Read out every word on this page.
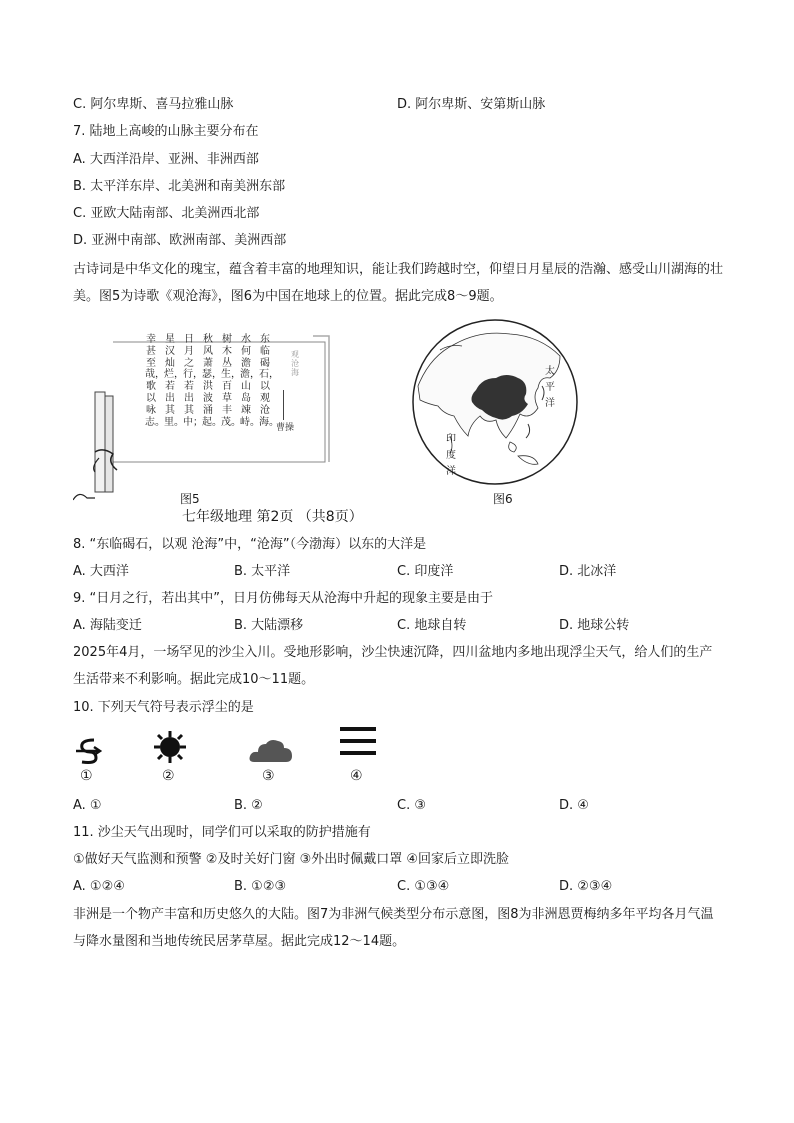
C. 阿尔卑斯、喜马拉雅山脉	D. 阿尔卑斯、安第斯山脉
7. 陆地上高峻的山脉主要分布在
A. 大西洋沿岸、亚洲、非洲西部
B. 太平洋东岸、北美洲和南美洲东部
C. 亚欧大陆南部、北美洲西北部
D. 亚洲中南部、欧洲南部、美洲西部
古诗词是中华文化的瑰宝，蕴含着丰富的地理知识，能让我们跨越时空，仰望日月星辰的浩瀚、感受山川湖海的壮美。图5为诗歌《观沧海》，图6为中国在地球上的位置。据此完成8～9题。
观沧海
曹操
东临碣石，以观沧海。
水何澹澹，山岛竦峙。
树木丛生，百草丰茂。
秋风萧瑟，洪波涌起。
日月之行，若出其中；
星汉灿烂，若出其里。
幸甚至哉，歌以咏志。
图5
太平洋
印度洋
图6
七年级地理 第2页 （共8页）
8. “东临碣石，以观 沧海”中，“沧海”（今渤海）以东的大洋是
A. 大西洋	B. 太平洋	C. 印度洋	D. 北冰洋
9. “日月之行，若出其中”，日月仿佛每天从沧海中升起的现象主要是由于
A. 海陆变迁	B. 大陆漂移	C. 地球自转	D. 地球公转
2025年4月，一场罕见的沙尘入川。受地形影响，沙尘快速沉降，四川盆地内多地出现浮尘天气，给人们的生产生活带来不利影响。据此完成10～11题。
10. 下列天气符号表示浮尘的是
①	②	③	④
A. ①	B. ②	C. ③	D. ④
11. 沙尘天气出现时，同学们可以采取的防护措施有
①做好天气监测和预警 ②及时关好门窗 ③外出时佩戴口罩 ④回家后立即洗脸
A. ①②④	B. ①②③	C. ①③④	D. ②③④
非洲是一个物产丰富和历史悠久的大陆。图7为非洲气候类型分布示意图，图8为非洲恩贾梅纳多年平均各月气温与降水量图和当地传统民居茅草屋。据此完成12～14题。
